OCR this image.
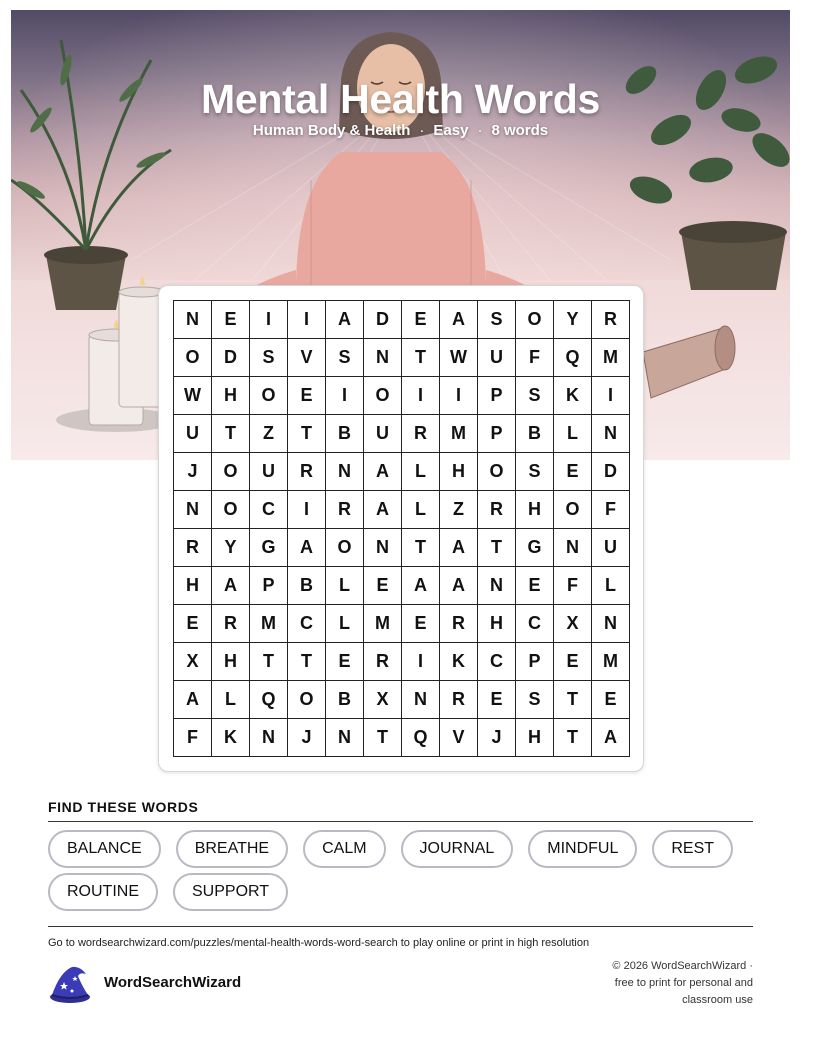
Mental Health Words
Human Body & Health · Easy · 8 words
N	E	I	I	A	D	E	A	S	O	Y	R
O	D	S	V	S	N	T	W	U	F	Q	M
W	H	O	E	I	O	I	I	P	S	K	I
U	T	Z	T	B	U	R	M	P	B	L	N
J	O	U	R	N	A	L	H	O	S	E	D
N	O	C	I	R	A	L	Z	R	H	O	F
R	Y	G	A	O	N	T	A	T	G	N	U
H	A	P	B	L	E	A	A	N	E	F	L
E	R	M	C	L	M	E	R	H	C	X	N
X	H	T	T	E	R	I	K	C	P	E	M
A	L	Q	O	B	X	N	R	E	S	T	E
F	K	N	J	N	T	Q	V	J	H	T	A
FIND THESE WORDS
BALANCE	BREATHE	CALM	JOURNAL	MINDFUL	REST
ROUTINE	SUPPORT
Go to wordsearchwizard.com/puzzles/mental-health-words-word-search to play online or print in high resolution
WordSearchWizard
© 2026 WordSearchWizard ·
free to print for personal and
classroom use
